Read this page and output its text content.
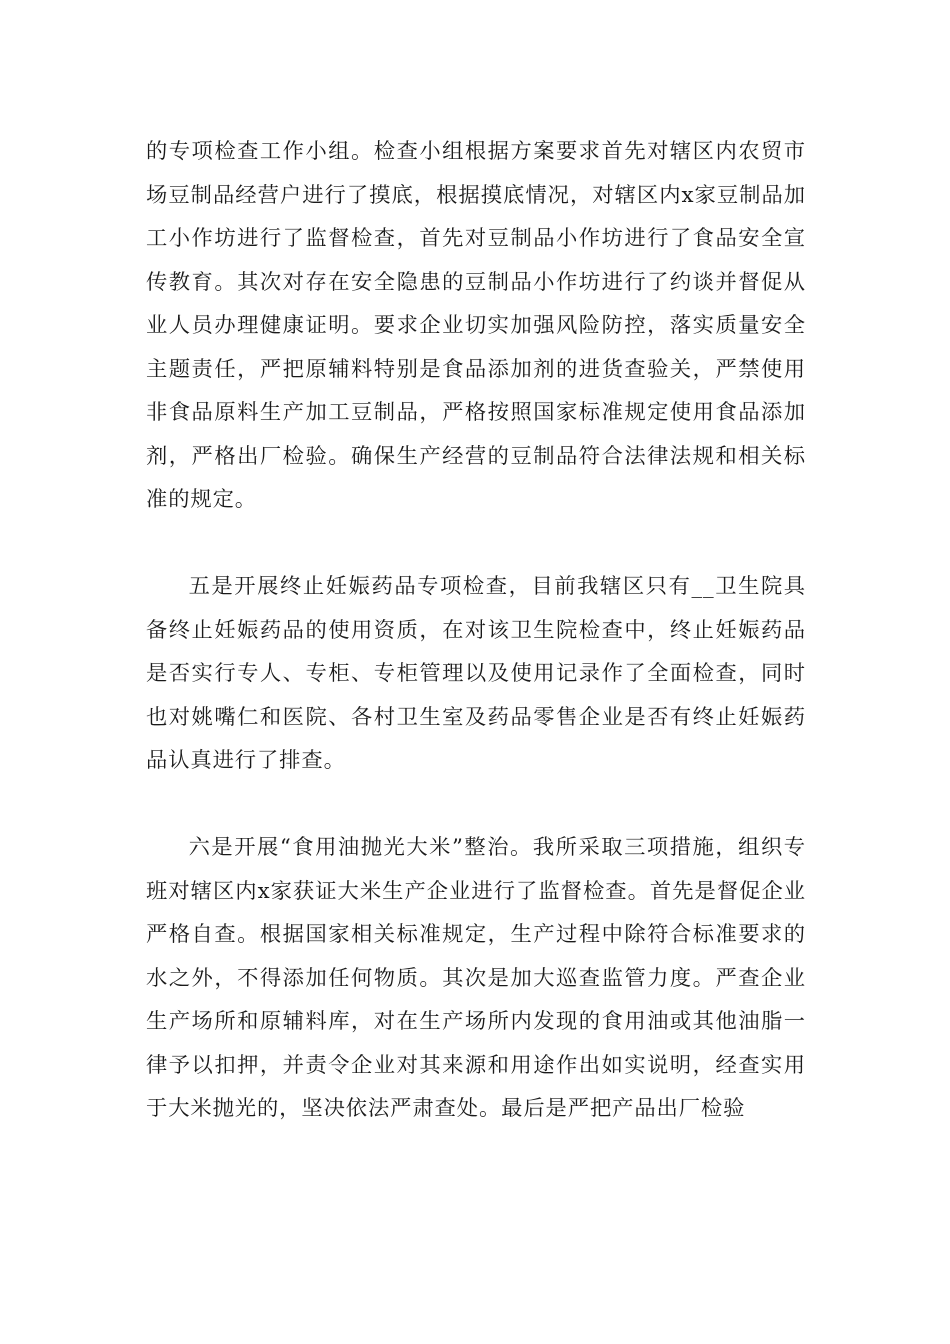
的专项检查工作小组。检查小组根据方案要求首先对辖区内农贸市场豆制品经营户进行了摸底，根据摸底情况，对辖区内x家豆制品加工小作坊进行了监督检查，首先对豆制品小作坊进行了食品安全宣传教育。其次对存在安全隐患的豆制品小作坊进行了约谈并督促从业人员办理健康证明。要求企业切实加强风险防控，落实质量安全主题责任，严把原辅料特别是食品添加剂的进货查验关，严禁使用非食品原料生产加工豆制品，严格按照国家标准规定使用食品添加剂，严格出厂检验。确保生产经营的豆制品符合法律法规和相关标准的规定。

五是开展终止妊娠药品专项检查，目前我辖区只有__卫生院具备终止妊娠药品的使用资质，在对该卫生院检查中，终止妊娠药品是否实行专人、专柜、专柜管理以及使用记录作了全面检查，同时也对姚嘴仁和医院、各村卫生室及药品零售企业是否有终止妊娠药品认真进行了排查。

六是开展“食用油抛光大米”整治。我所采取三项措施，组织专班对辖区内x家获证大米生产企业进行了监督检查。首先是督促企业严格自查。根据国家相关标准规定，生产过程中除符合标准要求的水之外，不得添加任何物质。其次是加大巡查监管力度。严查企业生产场所和原辅料库，对在生产场所内发现的食用油或其他油脂一律予以扣押，并责令企业对其来源和用途作出如实说明，经查实用于大米抛光的，坚决依法严肃查处。最后是严把产品出厂检验
